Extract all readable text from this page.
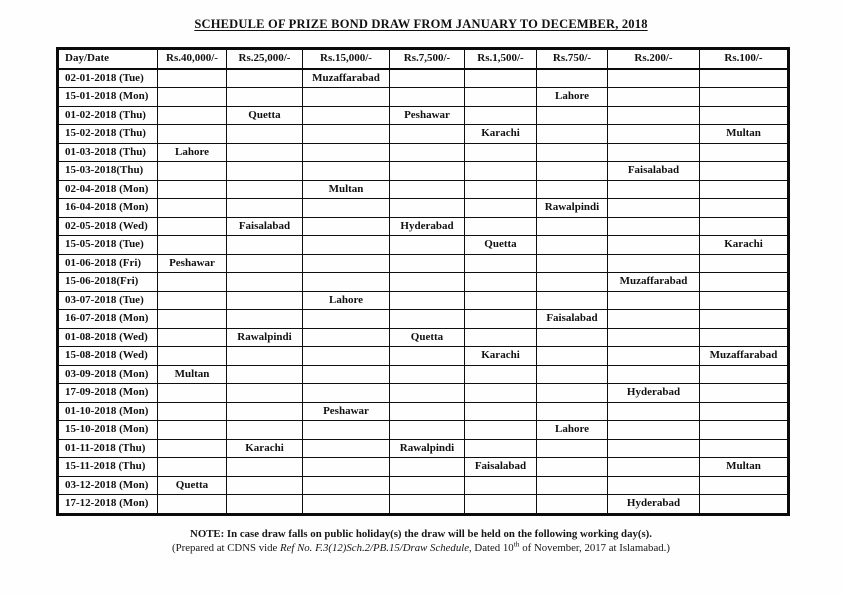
SCHEDULE OF PRIZE BOND DRAW FROM JANUARY TO DECEMBER, 2018
Day/Date	Rs.40,000/-	Rs.25,000/-	Rs.15,000/-	Rs.7,500/-	Rs.1,500/-	Rs.750/-	Rs.200/-	Rs.100/-
02-01-2018 (Tue)			Muzaffarabad					
15-01-2018 (Mon)						Lahore		
01-02-2018 (Thu)		Quetta		Peshawar				
15-02-2018 (Thu)					Karachi			Multan
01-03-2018 (Thu)	Lahore							
15-03-2018(Thu)							Faisalabad	
02-04-2018 (Mon)			Multan					
16-04-2018 (Mon)						Rawalpindi		
02-05-2018 (Wed)		Faisalabad		Hyderabad				
15-05-2018 (Tue)					Quetta			Karachi
01-06-2018 (Fri)	Peshawar							
15-06-2018(Fri)							Muzaffarabad	
03-07-2018 (Tue)			Lahore					
16-07-2018 (Mon)						Faisalabad		
01-08-2018 (Wed)		Rawalpindi		Quetta				
15-08-2018 (Wed)					Karachi			Muzaffarabad
03-09-2018 (Mon)	Multan							
17-09-2018 (Mon)							Hyderabad	
01-10-2018 (Mon)			Peshawar					
15-10-2018 (Mon)						Lahore		
01-11-2018 (Thu)		Karachi		Rawalpindi				
15-11-2018 (Thu)					Faisalabad			Multan
03-12-2018 (Mon)	Quetta							
17-12-2018 (Mon)							Hyderabad	
NOTE: In case draw falls on public holiday(s) the draw will be held on the following working day(s).
(Prepared at CDNS vide Ref No. F.3(12)Sch.2/PB.15/Draw Schedule, Dated 10th of November, 2017 at Islamabad.)
